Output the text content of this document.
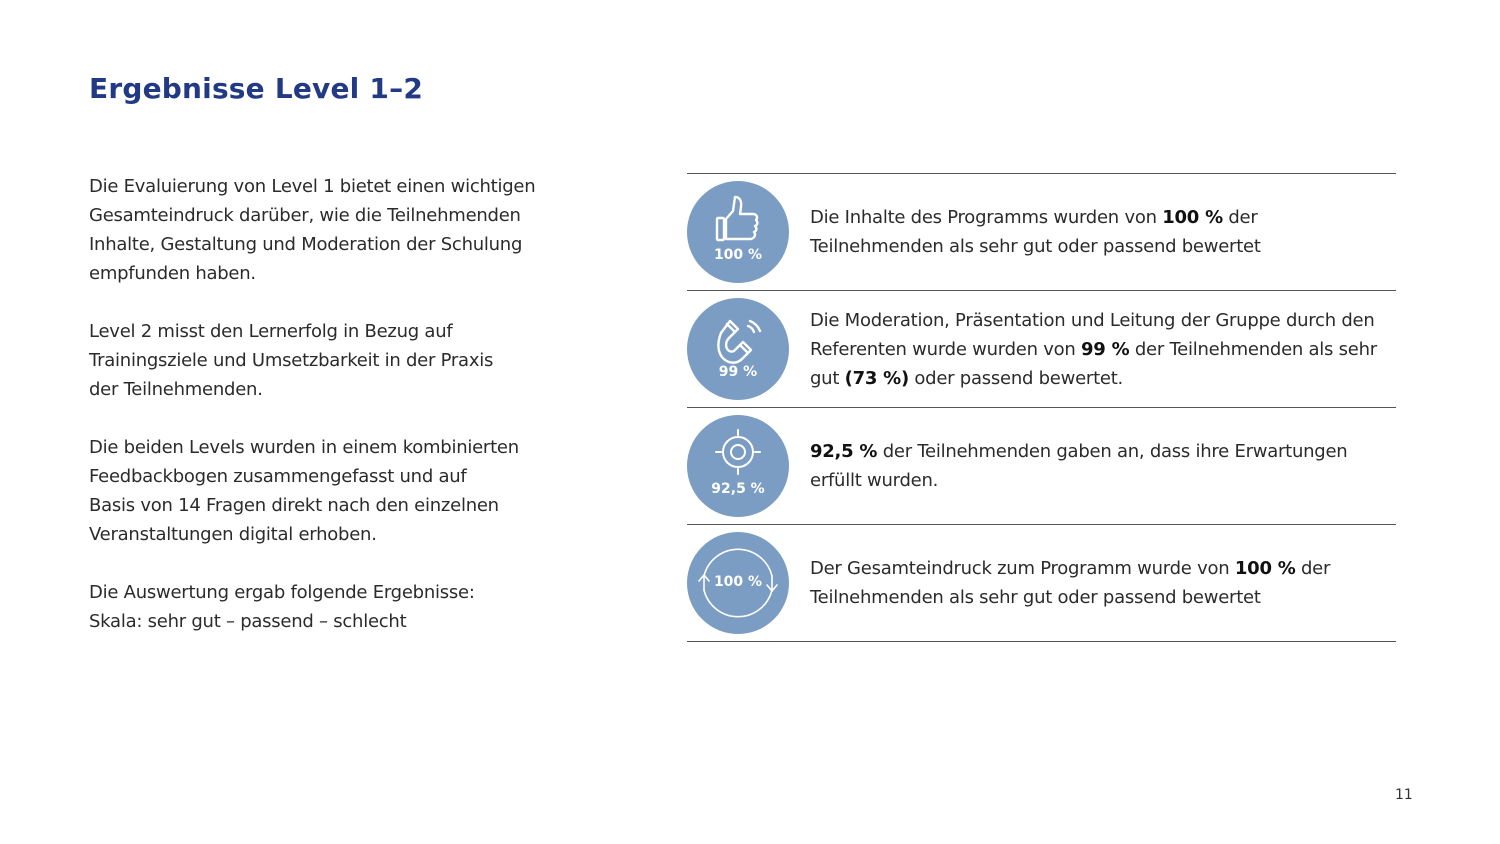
Ergebnisse Level 1–2

Die Evaluierung von Level 1 bietet einen wichtigen
Gesamteindruck darüber, wie die Teilnehmenden
Inhalte, Gestaltung und Moderation der Schulung
empfunden haben.

Level 2 misst den Lernerfolg in Bezug auf
Trainingsziele und Umsetzbarkeit in der Praxis
der Teilnehmenden.

Die beiden Levels wurden in einem kombinierten
Feedbackbogen zusammengefasst und auf
Basis von 14 Fragen direkt nach den einzelnen
Veranstaltungen digital erhoben.

Die Auswertung ergab folgende Ergebnisse:
Skala: sehr gut – passend – schlecht

100 %
Die Inhalte des Programms wurden von 100 % der Teilnehmenden als sehr gut oder passend bewertet
99 %
Die Moderation, Präsentation und Leitung der Gruppe durch den Referenten wurde wurden von 99 % der Teilnehmenden als sehr gut (73 %) oder passend bewertet.
92,5 %
92,5 % der Teilnehmenden gaben an, dass ihre Erwartungen erfüllt wurden.
100 %
Der Gesamteindruck zum Programm wurde von 100 % der Teilnehmenden als sehr gut oder passend bewertet
11
